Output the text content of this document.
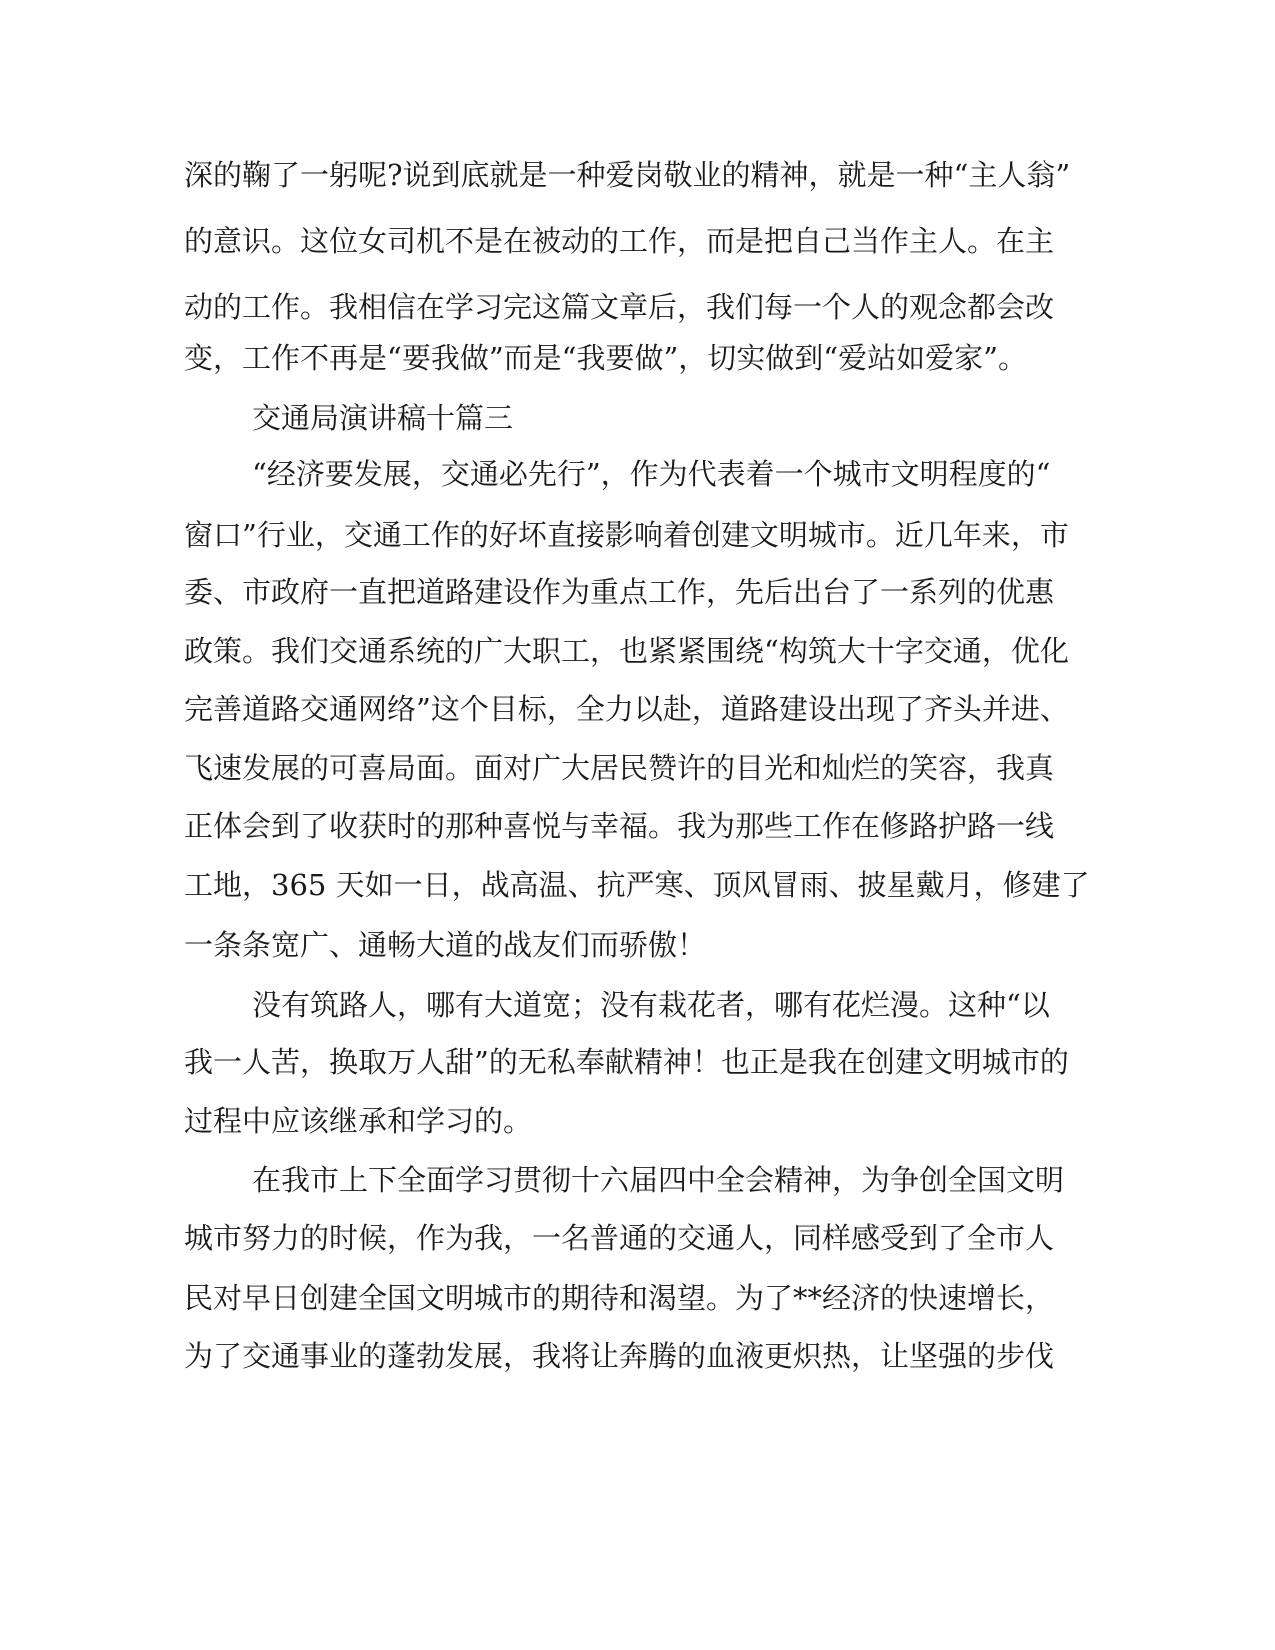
深的鞠了一躬呢?说到底就是一种爱岗敬业的精神，就是一种“主人翁”
的意识。这位女司机不是在被动的工作，而是把自己当作主人。在主
动的工作。我相信在学习完这篇文章后，我们每一个人的观念都会改
变，工作不再是“要我做”而是“我要做”，切实做到“爱站如爱家”。
交通局演讲稿十篇三
“经济要发展，交通必先行”，作为代表着一个城市文明程度的“
窗口”行业，交通工作的好坏直接影响着创建文明城市。近几年来，市
委、市政府一直把道路建设作为重点工作，先后出台了一系列的优惠
政策。我们交通系统的广大职工，也紧紧围绕“构筑大十字交通，优化
完善道路交通网络”这个目标，全力以赴，道路建设出现了齐头并进、
飞速发展的可喜局面。面对广大居民赞许的目光和灿烂的笑容，我真
正体会到了收获时的那种喜悦与幸福。我为那些工作在修路护路一线
工地，365 天如一日，战高温、抗严寒、顶风冒雨、披星戴月，修建了
一条条宽广、通畅大道的战友们而骄傲！
没有筑路人，哪有大道宽；没有栽花者，哪有花烂漫。这种“以
我一人苦，换取万人甜”的无私奉献精神！也正是我在创建文明城市的
过程中应该继承和学习的。
在我市上下全面学习贯彻十六届四中全会精神，为争创全国文明
城市努力的时候，作为我，一名普通的交通人，同样感受到了全市人
民对早日创建全国文明城市的期待和渴望。为了**经济的快速增长，
为了交通事业的蓬勃发展，我将让奔腾的血液更炽热，让坚强的步伐
